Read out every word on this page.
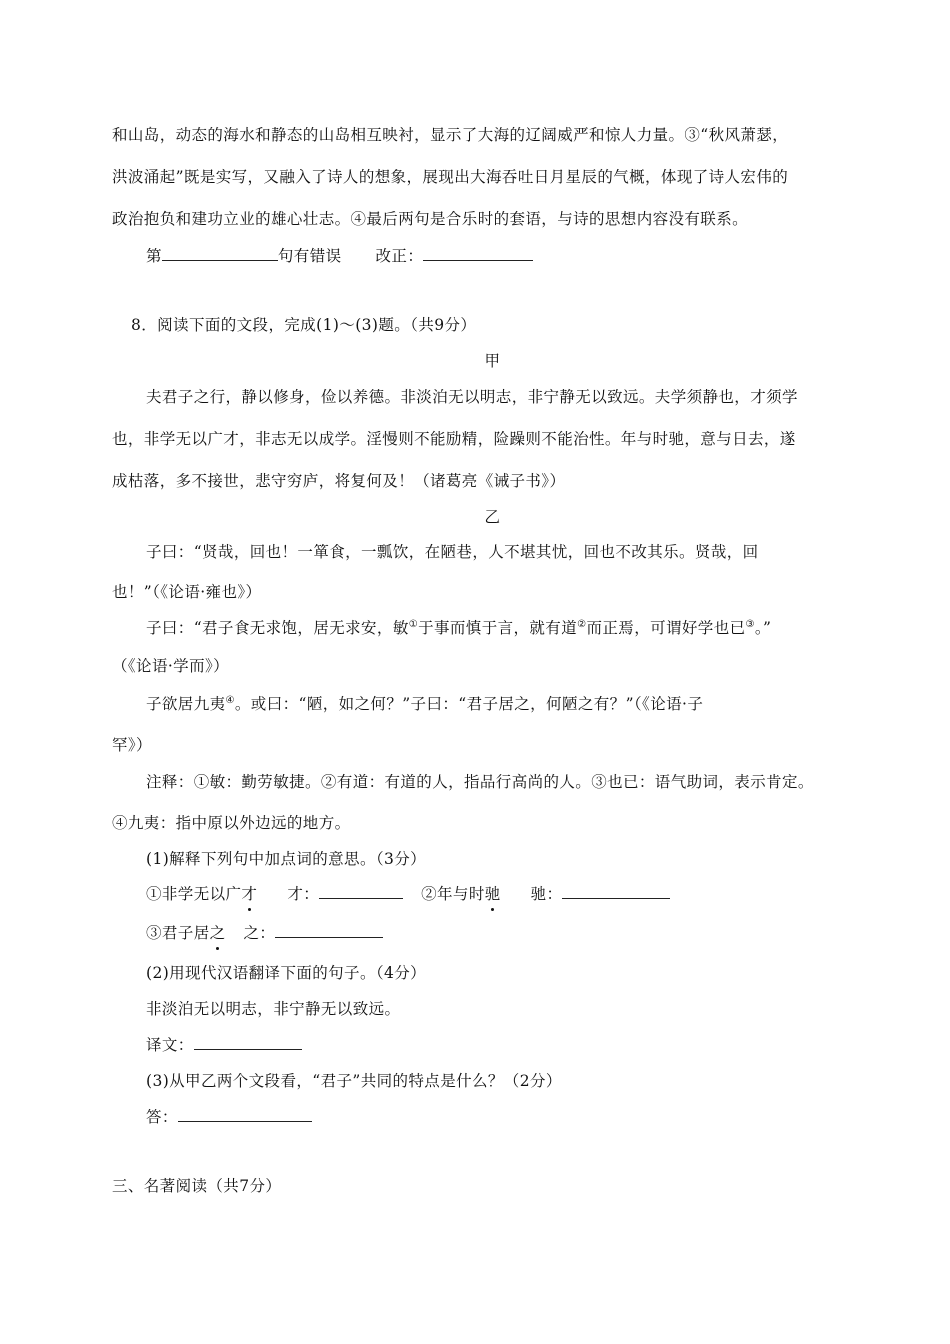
和山岛，动态的海水和静态的山岛相互映衬，显示了大海的辽阔威严和惊人力量。③“秋风萧瑟，
洪波涌起”既是实写，又融入了诗人的想象，展现出大海吞吐日月星辰的气概，体现了诗人宏伟的
政治抱负和建功立业的雄心壮志。④最后两句是合乐时的套语，与诗的思想内容没有联系。
第	句有错误 改正：
8．阅读下面的文段，完成(1)～(3)题。（共9分）
甲
夫君子之行，静以修身，俭以养德。非淡泊无以明志，非宁静无以致远。夫学须静也，才须学
也，非学无以广才，非志无以成学。淫慢则不能励精，险躁则不能治性。年与时驰，意与日去，遂
成枯落，多不接世，悲守穷庐，将复何及！（诸葛亮《诫子书》）
乙
子曰：“贤哉，回也！一箪食，一瓢饮，在陋巷，人不堪其忧，回也不改其乐。贤哉，回
也！”（《论语·雍也》）
子曰：“君子食无求饱，居无求安，敏①于事而慎于言，就有道②而正焉，可谓好学也已③。”
（《论语·学而》）
子欲居九夷④。或曰：“陋，如之何？”子曰：“君子居之，何陋之有？”（《论语·子
罕》）
注释：①敏：勤劳敏捷。②有道：有道的人，指品行高尚的人。③也已：语气助词，表示肯定。
④九夷：指中原以外边远的地方。
(1)解释下列句中加点词的意思。（3分）
①非学无以广才 才：	②年与时驰 驰：
③君子居之 之：
(2)用现代汉语翻译下面的句子。（4分）
非淡泊无以明志，非宁静无以致远。
译文：
(3)从甲乙两个文段看，“君子”共同的特点是什么？（2分）
答：
三、名著阅读（共7分）
